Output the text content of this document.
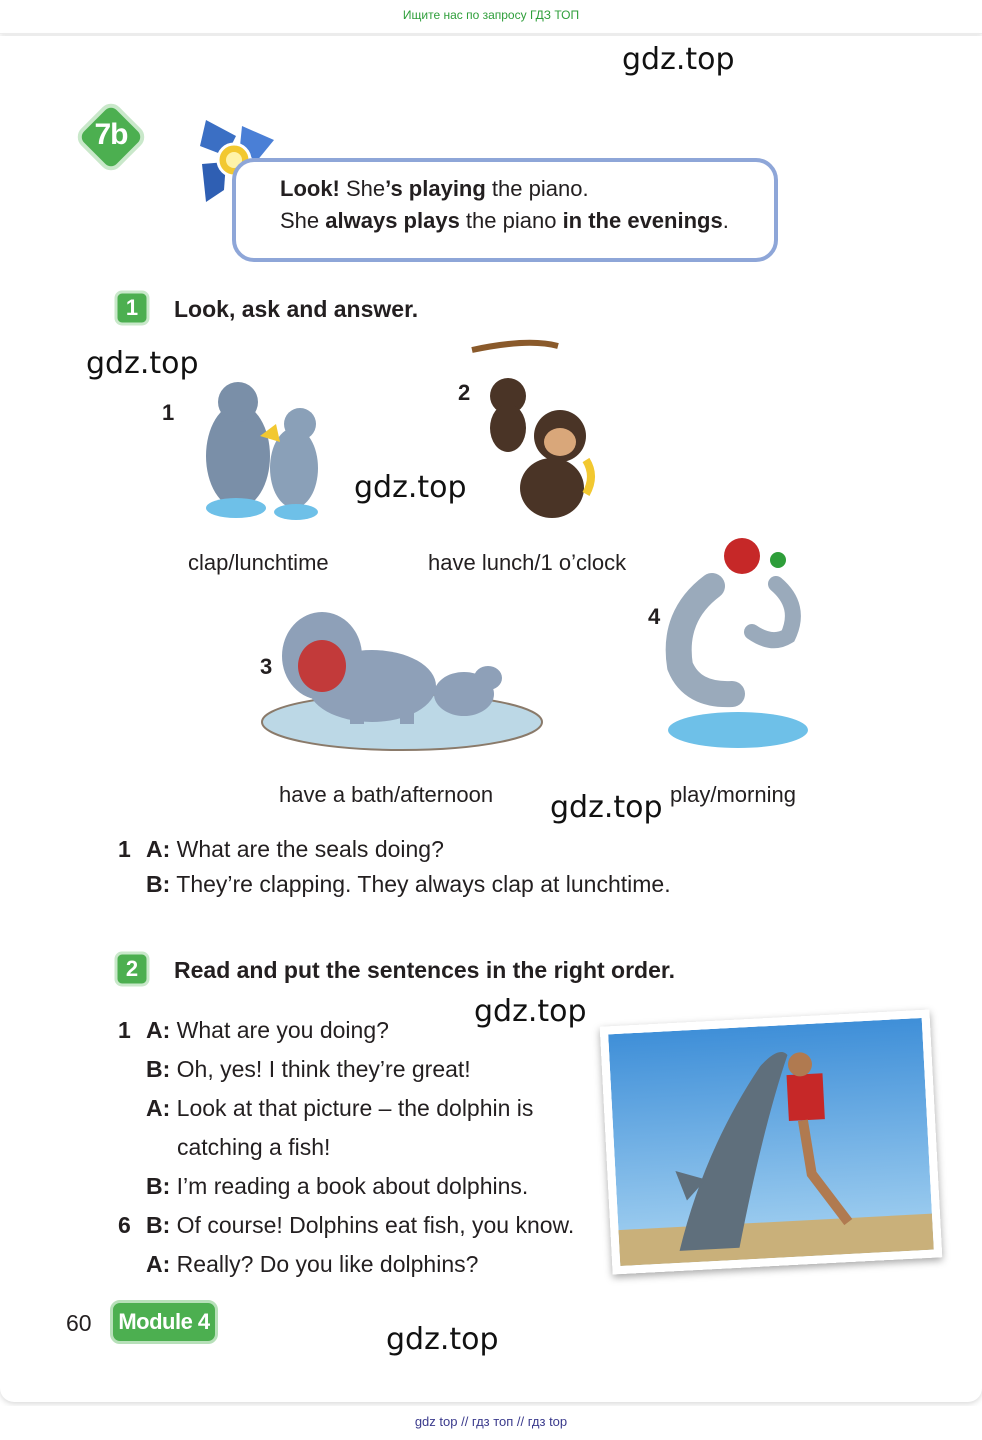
Ищите нас по запросу ГДЗ ТОП
gdz.top
gdz.top
gdz.top
gdz.top
gdz.top
gdz.top
7b
Look! She’s playing the piano.
She always plays the piano in the evenings.
1	Look, ask and answer.
1
clap/lunchtime
2
have lunch/1 o’clock
3
have a bath/afternoon
4
play/morning
1 A: What are the seals doing?
B: They’re clapping. They always clap at lunchtime.
2	Read and put the sentences in the right order.
1 A: What are you doing?
B: Oh, yes! I think they’re great!
A: Look at that picture – the dolphin is
catching a fish!
B: I’m reading a book about dolphins.
6 B: Of course! Dolphins eat fish, you know.
A: Really? Do you like dolphins?
60	Module 4
gdz top // гдз топ // гдз top
